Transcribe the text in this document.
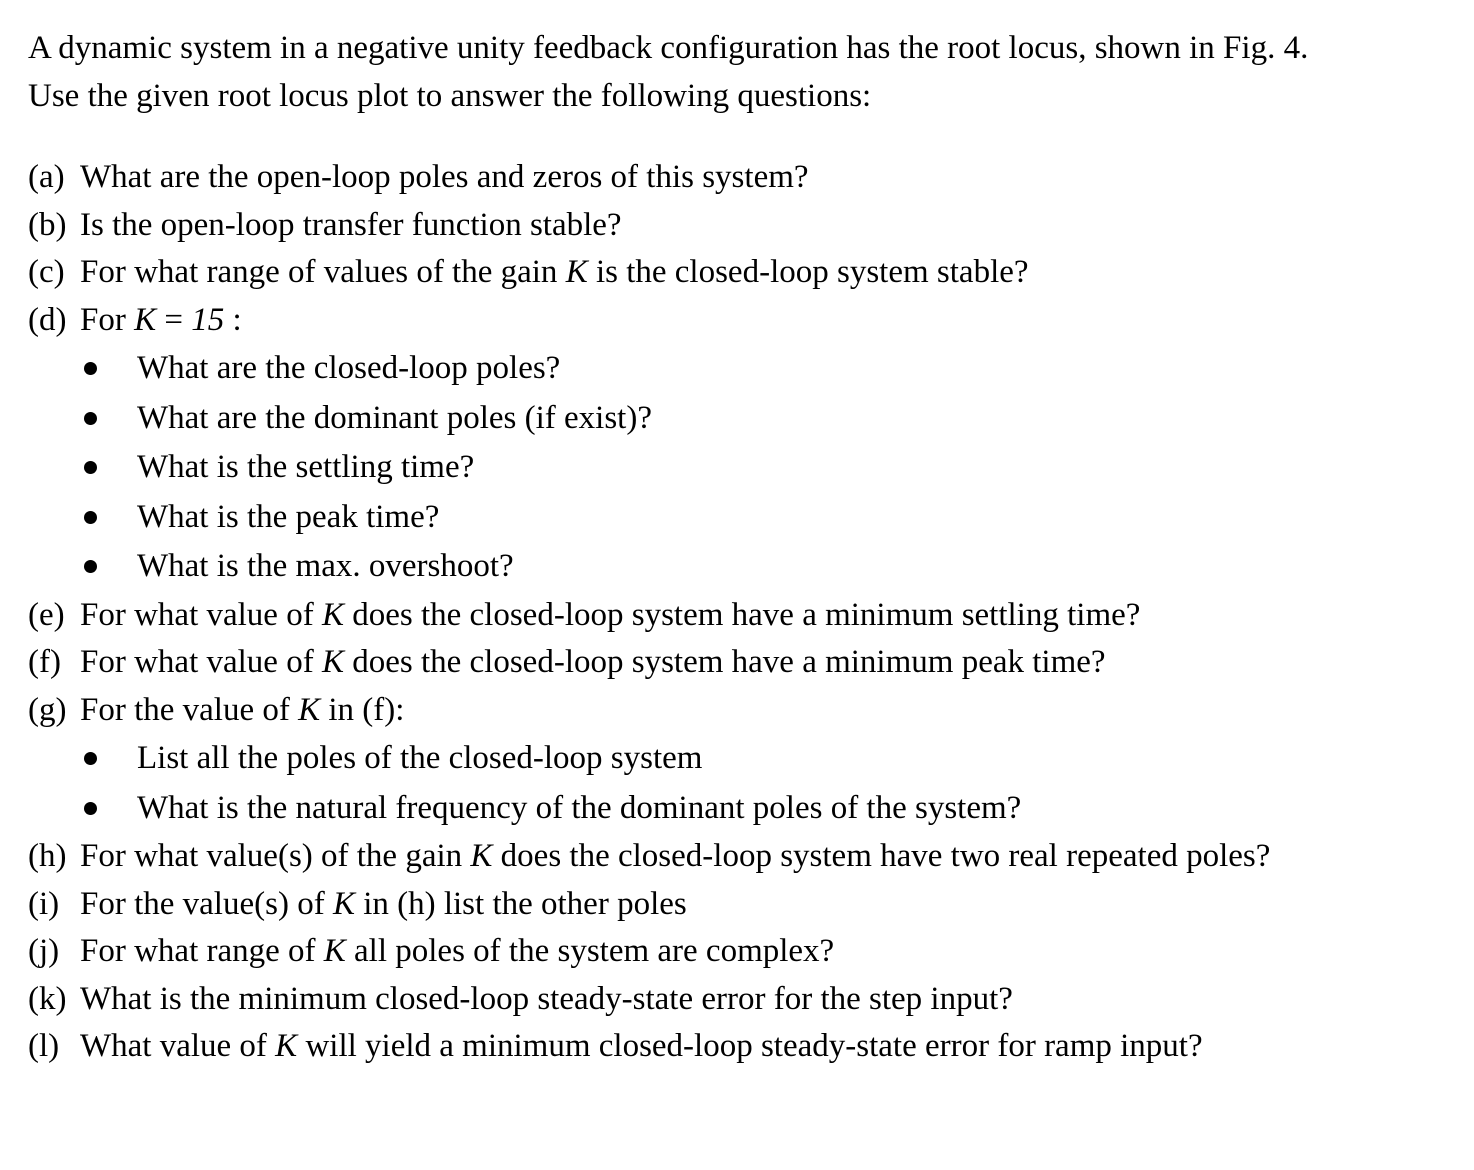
A dynamic system in a negative unity feedback configuration has the root locus, shown in Fig. 4.

Use the given root locus plot to answer the following questions:

(a) What are the open-loop poles and zeros of this system?
(b) Is the open-loop transfer function stable?
(c) For what range of values of the gain K is the closed-loop system stable?
(d) For K = 15 :
What are the closed-loop poles?
What are the dominant poles (if exist)?
What is the settling time?
What is the peak time?
What is the max. overshoot?
(e) For what value of K does the closed-loop system have a minimum settling time?
(f) For what value of K does the closed-loop system have a minimum peak time?
(g) For the value of K in (f):
List all the poles of the closed-loop system
What is the natural frequency of the dominant poles of the system?
(h) For what value(s) of the gain K does the closed-loop system have two real repeated poles?
(i) For the value(s) of K in (h) list the other poles
(j) For what range of K all poles of the system are complex?
(k) What is the minimum closed-loop steady-state error for the step input?
(l) What value of K will yield a minimum closed-loop steady-state error for ramp input?
